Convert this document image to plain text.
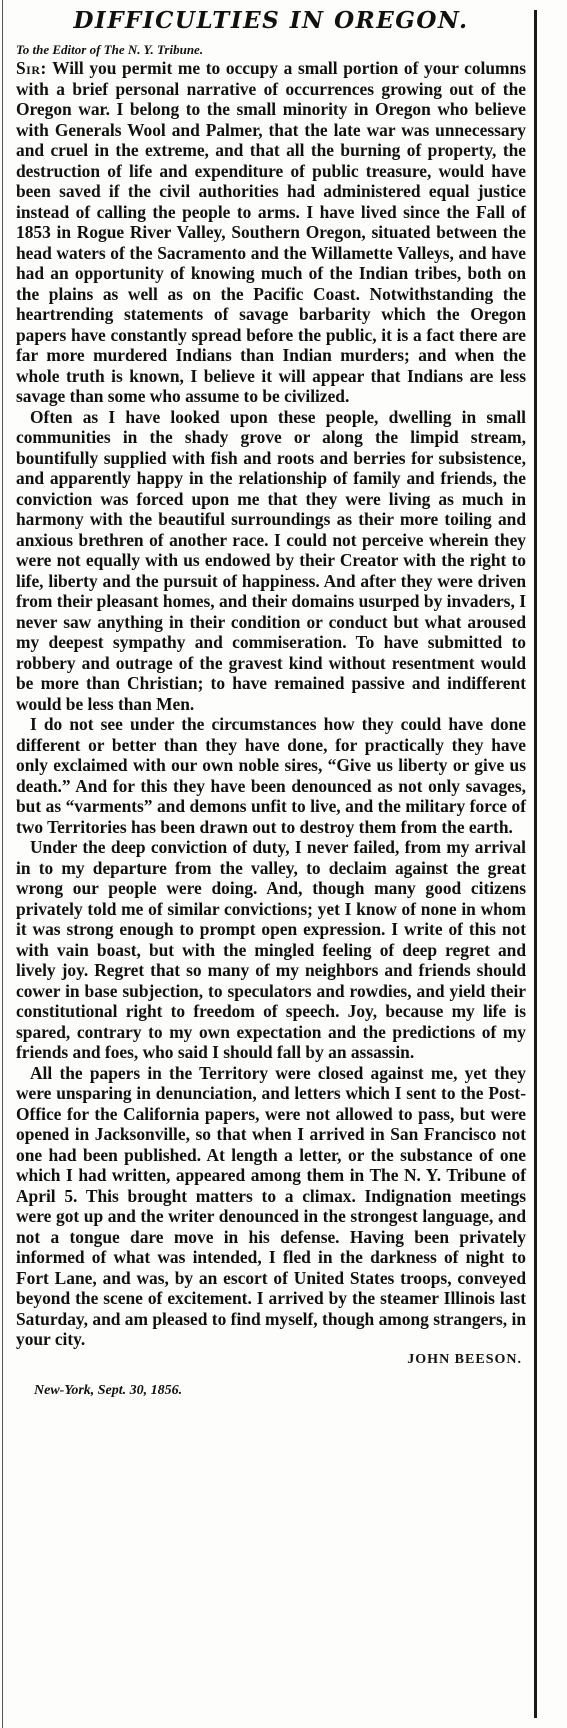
DIFFICULTIES IN OREGON.
To the Editor of The N. Y. Tribune.

Sir: Will you permit me to occupy a small portion of your columns with a brief personal narrative of occurrences growing out of the Oregon war. I belong to the small minority in Oregon who believe with Generals Wool and Palmer, that the late war was unnecessary and cruel in the extreme, and that all the burning of property, the destruction of life and expenditure of public treasure, would have been saved if the civil authorities had administered equal justice instead of calling the people to arms. I have lived since the Fall of 1853 in Rogue River Valley, Southern Oregon, situated between the head waters of the Sacramento and the Willamette Valleys, and have had an opportunity of knowing much of the Indian tribes, both on the plains as well as on the Pacific Coast. Notwithstanding the heartrending statements of savage barbarity which the Oregon papers have constantly spread before the public, it is a fact there are far more murdered Indians than Indian murders; and when the whole truth is known, I believe it will appear that Indians are less savage than some who assume to be civilized.

Often as I have looked upon these people, dwelling in small communities in the shady grove or along the limpid stream, bountifully supplied with fish and roots and berries for subsistence, and apparently happy in the relationship of family and friends, the conviction was forced upon me that they were living as much in harmony with the beautiful surroundings as their more toiling and anxious brethren of another race. I could not perceive wherein they were not equally with us endowed by their Creator with the right to life, liberty and the pursuit of happiness. And after they were driven from their pleasant homes, and their domains usurped by invaders, I never saw anything in their condition or conduct but what aroused my deepest sympathy and commiseration. To have submitted to robbery and outrage of the gravest kind without resentment would be more than Christian; to have remained passive and indifferent would be less than Men.

I do not see under the circumstances how they could have done different or better than they have done, for practically they have only exclaimed with our own noble sires, “Give us liberty or give us death.” And for this they have been denounced as not only savages, but as “varments” and demons unfit to live, and the military force of two Territories has been drawn out to destroy them from the earth.

Under the deep conviction of duty, I never failed, from my arrival in to my departure from the valley, to declaim against the great wrong our people were doing. And, though many good citizens privately told me of similar convictions; yet I know of none in whom it was strong enough to prompt open expression. I write of this not with vain boast, but with the mingled feeling of deep regret and lively joy. Regret that so many of my neighbors and friends should cower in base subjection, to speculators and rowdies, and yield their constitutional right to freedom of speech. Joy, because my life is spared, contrary to my own expectation and the predictions of my friends and foes, who said I should fall by an assassin.

All the papers in the Territory were closed against me, yet they were unsparing in denunciation, and letters which I sent to the Post-Office for the California papers, were not allowed to pass, but were opened in Jacksonville, so that when I arrived in San Francisco not one had been published. At length a letter, or the substance of one which I had written, appeared among them in The N. Y. Tribune of April 5. This brought matters to a climax. Indignation meetings were got up and the writer denounced in the strongest language, and not a tongue dare move in his defense. Having been privately informed of what was intended, I fled in the darkness of night to Fort Lane, and was, by an escort of United States troops, conveyed beyond the scene of excitement. I arrived by the steamer Illinois last Saturday, and am pleased to find myself, though among strangers, in your city.

JOHN BEESON.
New-York, Sept. 30, 1856.
